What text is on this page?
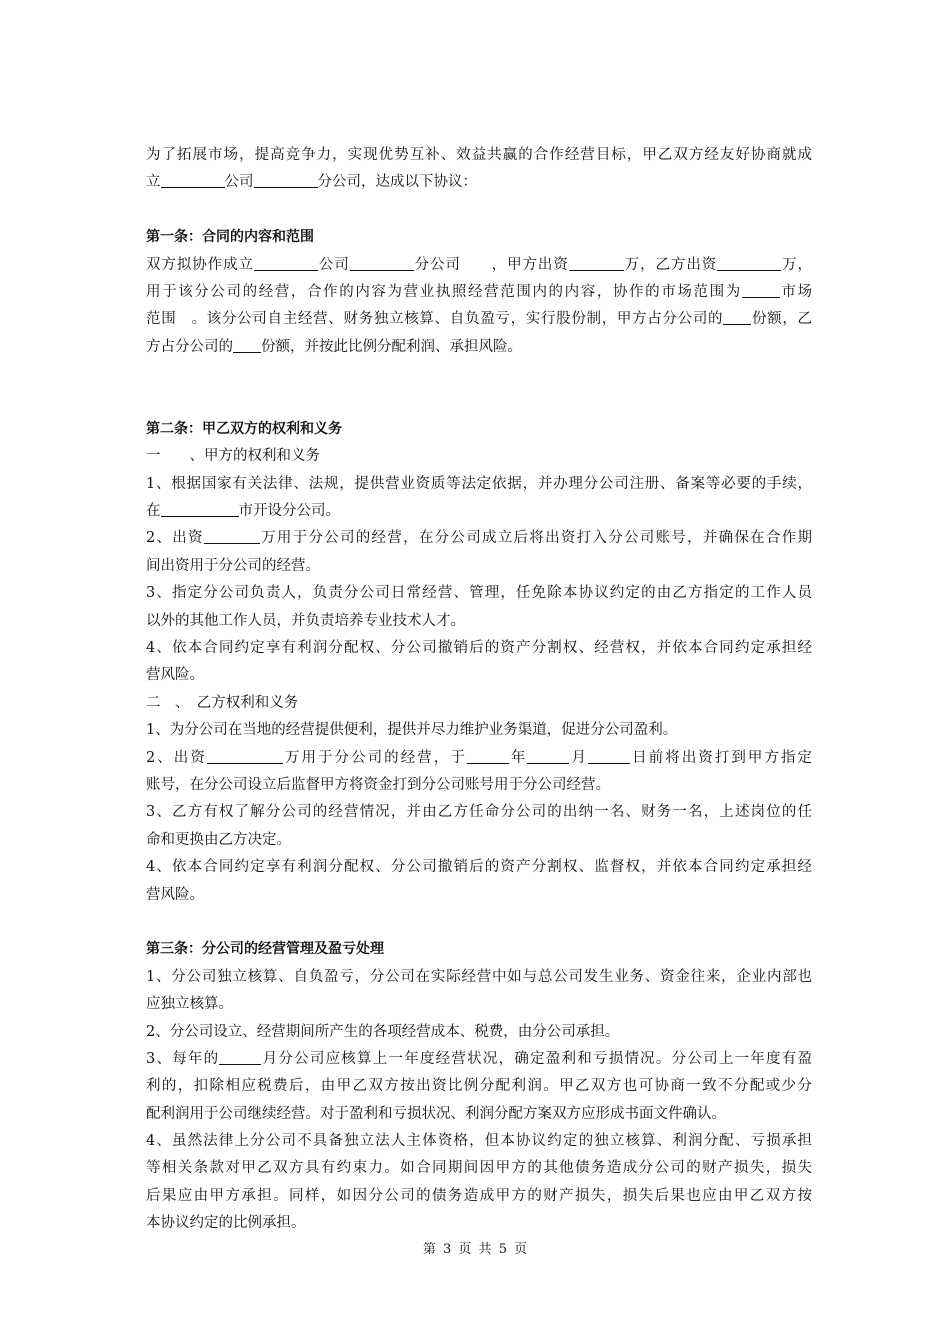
为了拓展市场，提高竞争力，实现优势互补、效益共赢的合作经营目标，甲乙双方经友好协商就成
立	公司	分公司，达成以下协议：
第一条：合同的内容和范围
双方拟协作成立	公司	分公司　　，甲方出资	万，乙方出资	万，
用于该分公司的经营，合作的内容为营业执照经营范围内的内容，协作的市场范围为	市场
范围　。该分公司自主经营、财务独立核算、自负盈亏，实行股份制，甲方占分公司的 份额，乙
方占分公司的 份额，并按此比例分配利润、承担风险。
第二条：甲乙双方的权利和义务
一　　、甲方的权利和义务
1、根据国家有关法律、法规，提供营业资质等法定依据，并办理分公司注册、备案等必要的手续，
在	市开设分公司。
2、出资	万用于分公司的经营，在分公司成立后将出资打入分公司账号，并确保在合作期
间出资用于分公司的经营。
3、指定分公司负责人，负责分公司日常经营、管理，任免除本协议约定的由乙方指定的工作人员
以外的其他工作人员，并负责培养专业技术人才。
4、依本合同约定享有利润分配权、分公司撤销后的资产分割权、经营权，并依本合同约定承担经
营风险。
二　、　乙方权利和义务
1、为分公司在当地的经营提供便利，提供并尽力维护业务渠道，促进分公司盈利。
2、出资	万用于分公司的经营，于	年	月	日前将出资打到甲方指定
账号，在分公司设立后监督甲方将资金打到分公司账号用于分公司经营。
3、乙方有权了解分公司的经营情况，并由乙方任命分公司的出纳一名、财务一名，上述岗位的任
命和更换由乙方决定。
4、依本合同约定享有利润分配权、分公司撤销后的资产分割权、监督权，并依本合同约定承担经
营风险。
第三条：分公司的经营管理及盈亏处理
1、分公司独立核算、自负盈亏，分公司在实际经营中如与总公司发生业务、资金往来，企业内部也
应独立核算。
2、分公司设立、经营期间所产生的各项经营成本、税费，由分公司承担。
3、每年的	月分公司应核算上一年度经营状况，确定盈利和亏损情况。分公司上一年度有盈
利的，扣除相应税费后，由甲乙双方按出资比例分配利润。甲乙双方也可协商一致不分配或少分
配利润用于公司继续经营。对于盈利和亏损状况、利润分配方案双方应形成书面文件确认。
4、虽然法律上分公司不具备独立法人主体资格，但本协议约定的独立核算、利润分配、亏损承担
等相关条款对甲乙双方具有约束力。如合同期间因甲方的其他债务造成分公司的财产损失，损失
后果应由甲方承担。同样，如因分公司的债务造成甲方的财产损失，损失后果也应由甲乙双方按
本协议约定的比例承担。
第 3 页 共 5 页
